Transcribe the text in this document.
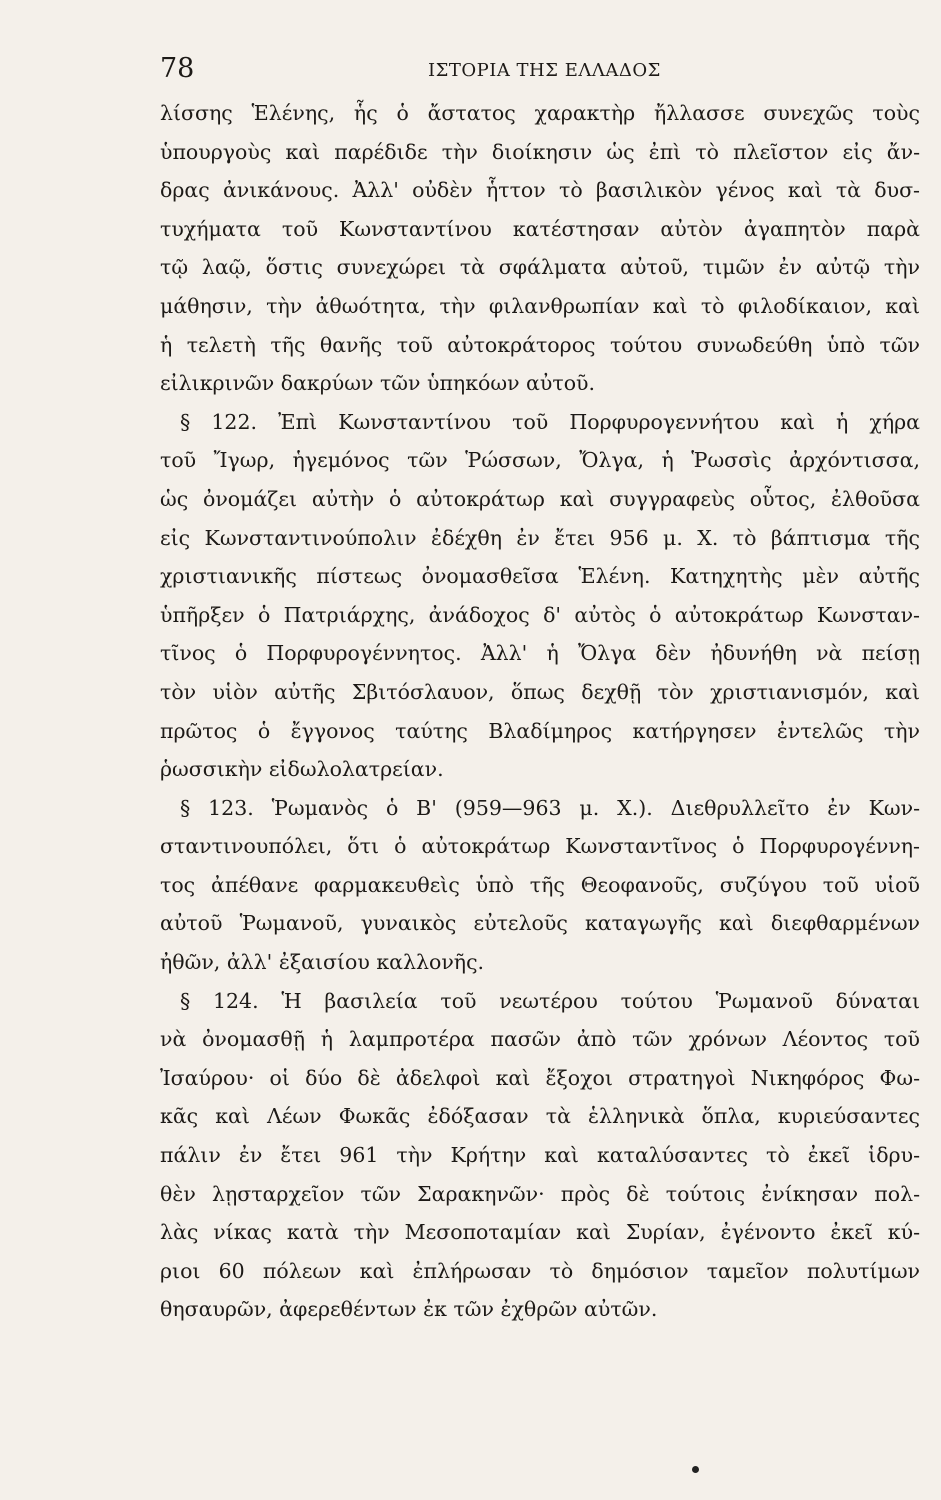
78	ΙΣΤΟΡΙΑ ΤΗΣ ΕΛΛΑΔΟΣ
λίσσης Ἑλένης, ἧς ὁ ἄστατος χαρακτὴρ ἤλλασσε συνεχῶς τοὺς
ὑπουργοὺς καὶ παρέδιδε τὴν διοίκησιν ὡς ἐπὶ τὸ πλεῖστον εἰς ἄν-
δρας ἀνικάνους. Ἀλλ' οὐδὲν ἧττον τὸ βασιλικὸν γένος καὶ τὰ δυσ-
τυχήματα τοῦ Κωνσταντίνου κατέστησαν αὐτὸν ἀγαπητὸν παρὰ
τῷ λαῷ, ὅστις συνεχώρει τὰ σφάλματα αὐτοῦ, τιμῶν ἐν αὐτῷ τὴν
μάθησιν, τὴν ἀθωότητα, τὴν φιλανθρωπίαν καὶ τὸ φιλοδίκαιον, καὶ
ἡ τελετὴ τῆς θανῆς τοῦ αὐτοκράτορος τούτου συνωδεύθη ὑπὸ τῶν
εἰλικρινῶν δακρύων τῶν ὑπηκόων αὐτοῦ.
§ 122. Ἐπὶ Κωνσταντίνου τοῦ Πορφυρογεννήτου καὶ ἡ χήρα
τοῦ Ἴγωρ, ἡγεμόνος τῶν Ῥώσσων, Ὄλγα, ἡ Ῥωσσὶς ἀρχόντισσα,
ὡς ὀνομάζει αὐτὴν ὁ αὐτοκράτωρ καὶ συγγραφεὺς οὗτος, ἐλθοῦσα
εἰς Κωνσταντινούπολιν ἐδέχθη ἐν ἔτει 956 μ. Χ. τὸ βάπτισμα τῆς
χριστιανικῆς πίστεως ὀνομασθεῖσα Ἑλένη. Κατηχητὴς μὲν αὐτῆς
ὑπῆρξεν ὁ Πατριάρχης, ἀνάδοχος δ' αὐτὸς ὁ αὐτοκράτωρ Κωνσταν-
τῖνος ὁ Πορφυρογέννητος. Ἀλλ' ἡ Ὄλγα δὲν ἠδυνήθη νὰ πείσῃ
τὸν υἱὸν αὐτῆς Σβιτόσλαυον, ὅπως δεχθῇ τὸν χριστιανισμόν, καὶ
πρῶτος ὁ ἔγγονος ταύτης Βλαδίμηρος κατήργησεν ἐντελῶς τὴν
ῥωσσικὴν εἰδωλολατρείαν.
§ 123. Ῥωμανὸς ὁ Β' (959—963 μ. Χ.). Διεθρυλλεῖτο ἐν Κων-
σταντινουπόλει, ὅτι ὁ αὐτοκράτωρ Κωνσταντῖνος ὁ Πορφυρογέννη-
τος ἀπέθανε φαρμακευθεὶς ὑπὸ τῆς Θεοφανοῦς, συζύγου τοῦ υἱοῦ
αὐτοῦ Ῥωμανοῦ, γυναικὸς εὐτελοῦς καταγωγῆς καὶ διεφθαρμένων
ἠθῶν, ἀλλ' ἐξαισίου καλλονῆς.
§ 124. Ἡ βασιλεία τοῦ νεωτέρου τούτου Ῥωμανοῦ δύναται
νὰ ὀνομασθῇ ἡ λαμπροτέρα πασῶν ἀπὸ τῶν χρόνων Λέοντος τοῦ
Ἰσαύρου· οἱ δύο δὲ ἀδελφοὶ καὶ ἔξοχοι στρατηγοὶ Νικηφόρος Φω-
κᾶς καὶ Λέων Φωκᾶς ἐδόξασαν τὰ ἑλληνικὰ ὅπλα, κυριεύσαντες
πάλιν ἐν ἔτει 961 τὴν Κρήτην καὶ καταλύσαντες τὸ ἐκεῖ ἱδρυ-
θὲν λῃσταρχεῖον τῶν Σαρακηνῶν· πρὸς δὲ τούτοις ἐνίκησαν πολ-
λὰς νίκας κατὰ τὴν Μεσοποταμίαν καὶ Συρίαν, ἐγένοντο ἐκεῖ κύ-
ριοι 60 πόλεων καὶ ἐπλήρωσαν τὸ δημόσιον ταμεῖον πολυτίμων
θησαυρῶν, ἀφερεθέντων ἐκ τῶν ἐχθρῶν αὐτῶν.
